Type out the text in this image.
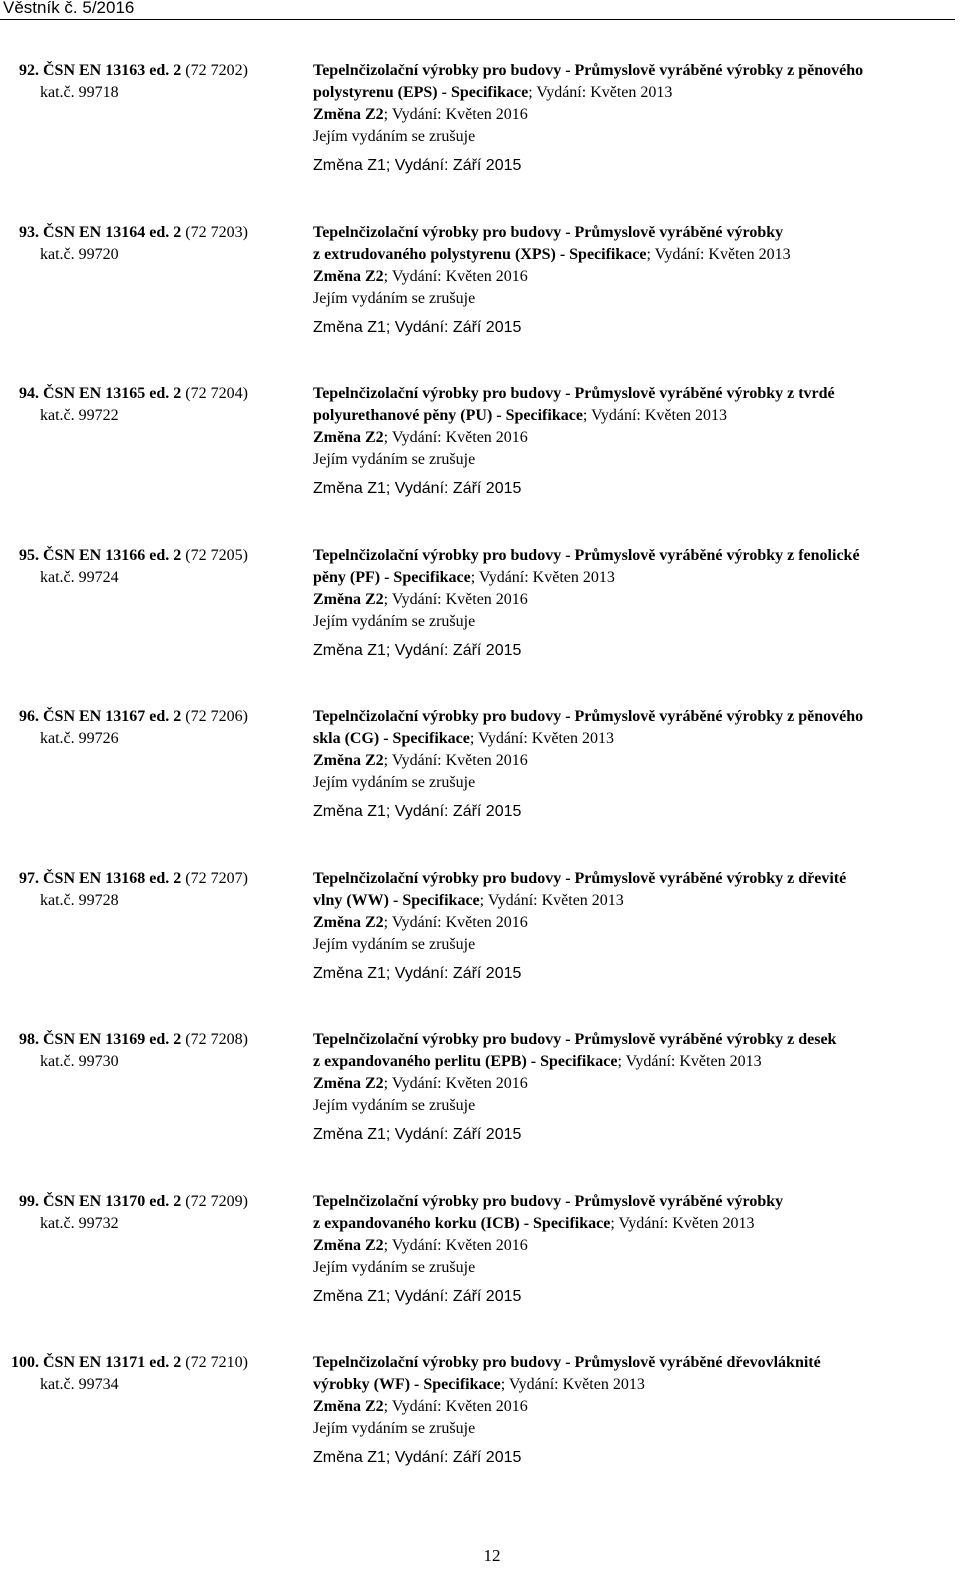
Věstník č. 5/2016
92. ČSN EN 13163 ed. 2 (72 7202)
kat.č. 99718
Tepelnčizolační výrobky pro budovy - Průmyslově vyráběné výrobky z pěnového
polystyrenu (EPS) - Specifikace; Vydání: Květen 2013
Změna Z2; Vydání: Květen 2016
Jejím vydáním se zrušuje
Změna Z1; Vydání: Září 2015
93. ČSN EN 13164 ed. 2 (72 7203)
kat.č. 99720
Tepelnčizolační výrobky pro budovy - Průmyslově vyráběné výrobky
z extrudovaného polystyrenu (XPS) - Specifikace; Vydání: Květen 2013
Změna Z2; Vydání: Květen 2016
Jejím vydáním se zrušuje
Změna Z1; Vydání: Září 2015
94. ČSN EN 13165 ed. 2 (72 7204)
kat.č. 99722
Tepelnčizolační výrobky pro budovy - Průmyslově vyráběné výrobky z tvrdé
polyurethanové pěny (PU) - Specifikace; Vydání: Květen 2013
Změna Z2; Vydání: Květen 2016
Jejím vydáním se zrušuje
Změna Z1; Vydání: Září 2015
95. ČSN EN 13166 ed. 2 (72 7205)
kat.č. 99724
Tepelnčizolační výrobky pro budovy - Průmyslově vyráběné výrobky z fenolické
pěny (PF) - Specifikace; Vydání: Květen 2013
Změna Z2; Vydání: Květen 2016
Jejím vydáním se zrušuje
Změna Z1; Vydání: Září 2015
96. ČSN EN 13167 ed. 2 (72 7206)
kat.č. 99726
Tepelnčizolační výrobky pro budovy - Průmyslově vyráběné výrobky z pěnového
skla (CG) - Specifikace; Vydání: Květen 2013
Změna Z2; Vydání: Květen 2016
Jejím vydáním se zrušuje
Změna Z1; Vydání: Září 2015
97. ČSN EN 13168 ed. 2 (72 7207)
kat.č. 99728
Tepelnčizolační výrobky pro budovy - Průmyslově vyráběné výrobky z dřevité
vlny (WW) - Specifikace; Vydání: Květen 2013
Změna Z2; Vydání: Květen 2016
Jejím vydáním se zrušuje
Změna Z1; Vydání: Září 2015
98. ČSN EN 13169 ed. 2 (72 7208)
kat.č. 99730
Tepelnčizolační výrobky pro budovy - Průmyslově vyráběné výrobky z desek
z expandovaného perlitu (EPB) - Specifikace; Vydání: Květen 2013
Změna Z2; Vydání: Květen 2016
Jejím vydáním se zrušuje
Změna Z1; Vydání: Září 2015
99. ČSN EN 13170 ed. 2 (72 7209)
kat.č. 99732
Tepelnčizolační výrobky pro budovy - Průmyslově vyráběné výrobky
z expandovaného korku (ICB) - Specifikace; Vydání: Květen 2013
Změna Z2; Vydání: Květen 2016
Jejím vydáním se zrušuje
Změna Z1; Vydání: Září 2015
100. ČSN EN 13171 ed. 2 (72 7210)
kat.č. 99734
Tepelnčizolační výrobky pro budovy - Průmyslově vyráběné dřevovláknité
výrobky (WF) - Specifikace; Vydání: Květen 2013
Změna Z2; Vydání: Květen 2016
Jejím vydáním se zrušuje
Změna Z1; Vydání: Září 2015
12
